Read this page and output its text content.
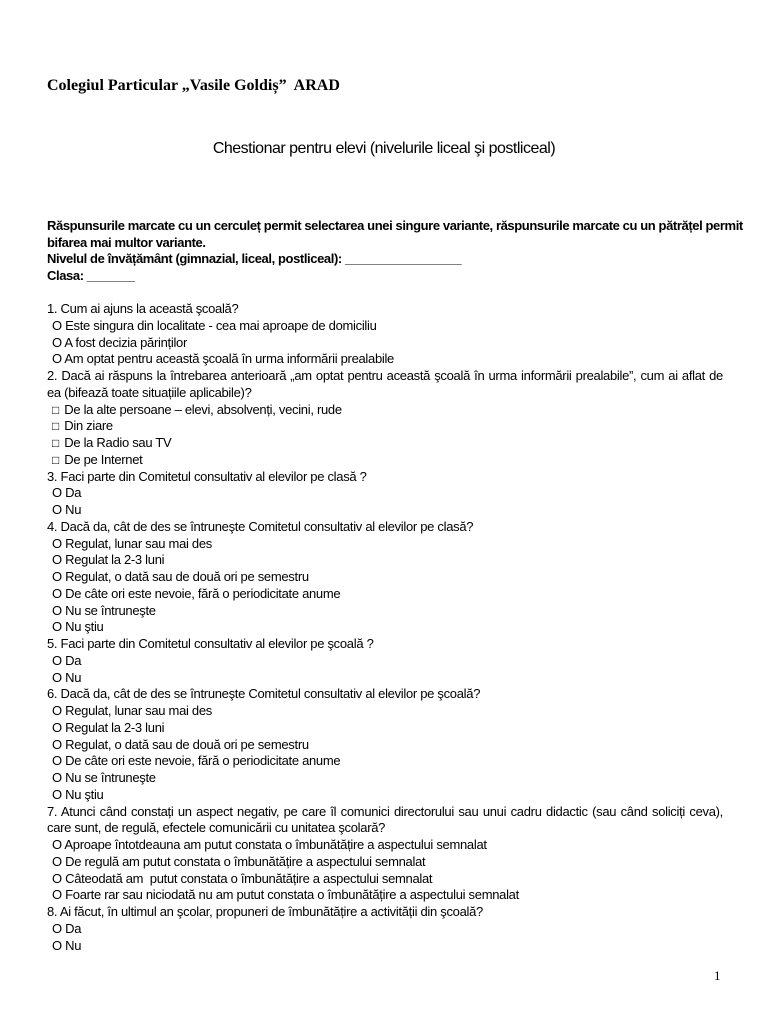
Colegiul Particular „Vasile Goldiș”  ARAD
Chestionar pentru elevi (nivelurile liceal şi postliceal)
Răspunsurile marcate cu un cerculeț permit selectarea unei singure variante, răspunsurile marcate cu un pătrățel permit
bifarea mai multor variante.
Nivelul de învățământ (gimnazial, liceal, postliceal): _________________
Clasa: _______
1. Cum ai ajuns la această şcoală?
O Este singura din localitate - cea mai aproape de domiciliu
O A fost decizia părinților
O Am optat pentru această şcoală în urma informării prealabile
2. Dacă ai răspuns la întrebarea anterioară „am optat pentru această şcoală în urma informării prealabile”, cum ai aflat de ea (bifează toate situațiile aplicabile)?
□ De la alte persoane – elevi, absolvenți, vecini, rude
□ Din ziare
□ De la Radio sau TV
□ De pe Internet
3. Faci parte din Comitetul consultativ al elevilor pe clasă ?
O Da
O Nu
4. Dacă da, cât de des se întruneşte Comitetul consultativ al elevilor pe clasă?
O Regulat, lunar sau mai des
O Regulat la 2-3 luni
O Regulat, o dată sau de două ori pe semestru
O De câte ori este nevoie, fără o periodicitate anume
O Nu se întruneşte
O Nu ştiu
5. Faci parte din Comitetul consultativ al elevilor pe şcoală ?
O Da
O Nu
6. Dacă da, cât de des se întruneşte Comitetul consultativ al elevilor pe şcoală?
O Regulat, lunar sau mai des
O Regulat la 2-3 luni
O Regulat, o dată sau de două ori pe semestru
O De câte ori este nevoie, fără o periodicitate anume
O Nu se întruneşte
O Nu ştiu
7. Atunci când constați un aspect negativ, pe care îl comunici directorului sau unui cadru didactic (sau când soliciți ceva), care sunt, de regulă, efectele comunicării cu unitatea şcolară?
O Aproape întotdeauna am putut constata o îmbunătățire a aspectului semnalat
O De regulă am putut constata o îmbunătățire a aspectului semnalat
O Câteodată am  putut constata o îmbunătățire a aspectului semnalat
O Foarte rar sau niciodată nu am putut constata o îmbunătățire a aspectului semnalat
8. Ai făcut, în ultimul an şcolar, propuneri de îmbunătățire a activității din şcoală?
O Da
O Nu
1
